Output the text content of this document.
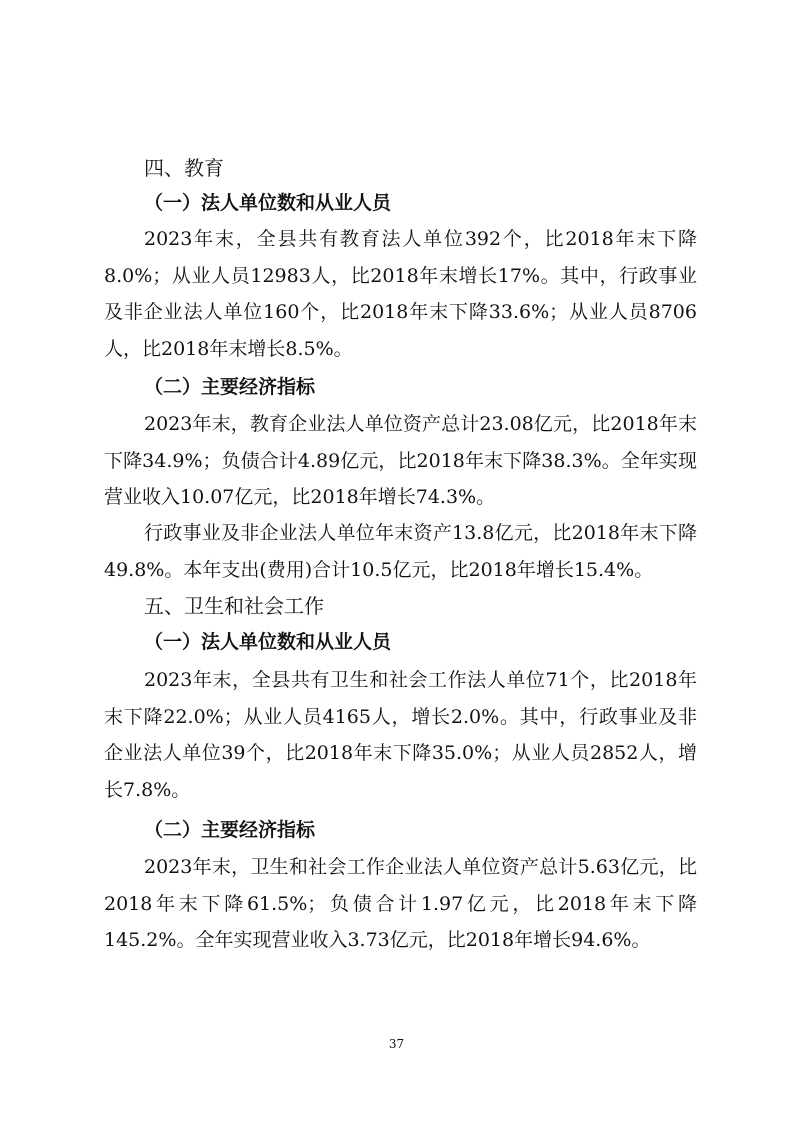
四、教育
（一）法人单位数和从业人员
2023年末，全县共有教育法人单位392个，比2018年末下降8.0%；从业人员12983人，比2018年末增长17%。其中，行政事业及非企业法人单位160个，比2018年末下降33.6%；从业人员8706人，比2018年末增长8.5%。
（二）主要经济指标
2023年末，教育企业法人单位资产总计23.08亿元，比2018年末下降34.9%；负债合计4.89亿元，比2018年末下降38.3%。全年实现营业收入10.07亿元，比2018年增长74.3%。
行政事业及非企业法人单位年末资产13.8亿元，比2018年末下降49.8%。本年支出(费用)合计10.5亿元，比2018年增长15.4%。
五、卫生和社会工作
（一）法人单位数和从业人员
2023年末，全县共有卫生和社会工作法人单位71个，比2018年末下降22.0%；从业人员4165人，增长2.0%。其中，行政事业及非企业法人单位39个，比2018年末下降35.0%；从业人员2852人，增长7.8%。
（二）主要经济指标
2023年末，卫生和社会工作企业法人单位资产总计5.63亿元，比2018年末下降61.5%；负债合计1.97亿元，比2018年末下降145.2%。全年实现营业收入3.73亿元，比2018年增长94.6%。
37
